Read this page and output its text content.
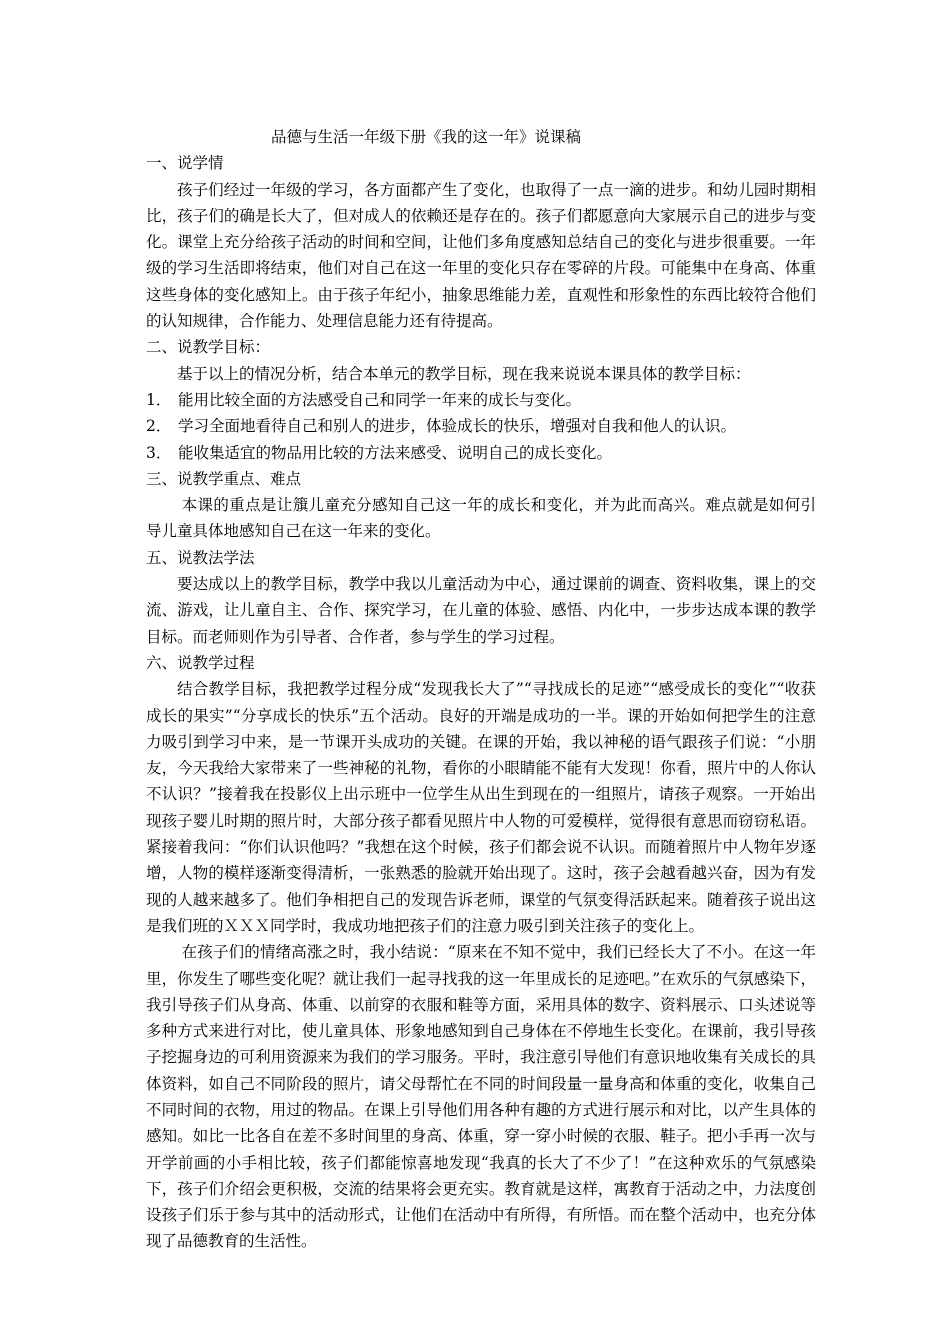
品德与生活一年级下册《我的这一年》说课稿

一、说学情

孩子们经过一年级的学习，各方面都产生了变化，也取得了一点一滴的进步。和幼儿园时期相比，孩子们的确是长大了，但对成人的依赖还是存在的。孩子们都愿意向大家展示自己的进步与变化。课堂上充分给孩子活动的时间和空间，让他们多角度感知总结自己的变化与进步很重要。一年级的学习生活即将结束，他们对自己在这一年里的变化只存在零碎的片段。可能集中在身高、体重这些身体的变化感知上。由于孩子年纪小，抽象思维能力差，直观性和形象性的东西比较符合他们的认知规律，合作能力、处理信息能力还有待提高。

二、说教学目标：

基于以上的情况分析，结合本单元的教学目标，现在我来说说本课具体的教学目标：

1． 能用比较全面的方法感受自己和同学一年来的成长与变化。

2． 学习全面地看待自己和别人的进步，体验成长的快乐，增强对自我和他人的认识。

3． 能收集适宜的物品用比较的方法来感受、说明自己的成长变化。

三、说教学重点、难点

本课的重点是让籏儿童充分感知自己这一年的成长和变化，并为此而高兴。难点就是如何引导儿童具体地感知自己在这一年来的变化。

五、说教法学法

要达成以上的教学目标，教学中我以儿童活动为中心，通过课前的调查、资料收集，课上的交流、游戏，让儿童自主、合作、探究学习，在儿童的体验、感悟、内化中，一步步达成本课的教学目标。而老师则作为引导者、合作者，参与学生的学习过程。

六、说教学过程

结合教学目标，我把教学过程分成“发现我长大了”“寻找成长的足迹”“感受成长的变化”“收获成长的果实”“分享成长的快乐”五个活动。良好的开端是成功的一半。课的开始如何把学生的注意力吸引到学习中来，是一节课开头成功的关键。在课的开始，我以神秘的语气跟孩子们说：“小朋友，今天我给大家带来了一些神秘的礼物，看你的小眼睛能不能有大发现！你看，照片中的人你认不认识？”接着我在投影仪上出示班中一位学生从出生到现在的一组照片，请孩子观察。一开始出现孩子婴儿时期的照片时，大部分孩子都看见照片中人物的可爱模样，觉得很有意思而窃窃私语。紧接着我问：“你们认识他吗？”我想在这个时候，孩子们都会说不认识。而随着照片中人物年岁逐增，人物的模样逐渐变得清析，一张熟悉的脸就开始出现了。这时，孩子会越看越兴奋，因为有发现的人越来越多了。他们争相把自己的发现告诉老师，课堂的气氛变得活跃起来。随着孩子说出这是我们班的ＸＸＸ同学时，我成功地把孩子们的注意力吸引到关注孩子的变化上。

在孩子们的情绪高涨之时，我小结说：“原来在不知不觉中，我们已经长大了不小。在这一年里，你发生了哪些变化呢？就让我们一起寻找我的这一年里成长的足迹吧。”在欢乐的气氛感染下，我引导孩子们从身高、体重、以前穿的衣服和鞋等方面，采用具体的数字、资料展示、口头述说等多种方式来进行对比，使儿童具体、形象地感知到自己身体在不停地生长变化。在课前，我引导孩子挖掘身边的可利用资源来为我们的学习服务。平时，我注意引导他们有意识地收集有关成长的具体资料，如自己不同阶段的照片，请父母帮忙在不同的时间段量一量身高和体重的变化，收集自己不同时间的衣物，用过的物品。在课上引导他们用各种有趣的方式进行展示和对比，以产生具体的感知。如比一比各自在差不多时间里的身高、体重，穿一穿小时候的衣服、鞋子。把小手再一次与开学前画的小手相比较，孩子们都能惊喜地发现“我真的长大了不少了！”在这种欢乐的气氛感染下，孩子们介绍会更积极，交流的结果将会更充实。教育就是这样，寓教育于活动之中，力法度创设孩子们乐于参与其中的活动形式，让他们在活动中有所得，有所悟。而在整个活动中，也充分体现了品德教育的生活性。
